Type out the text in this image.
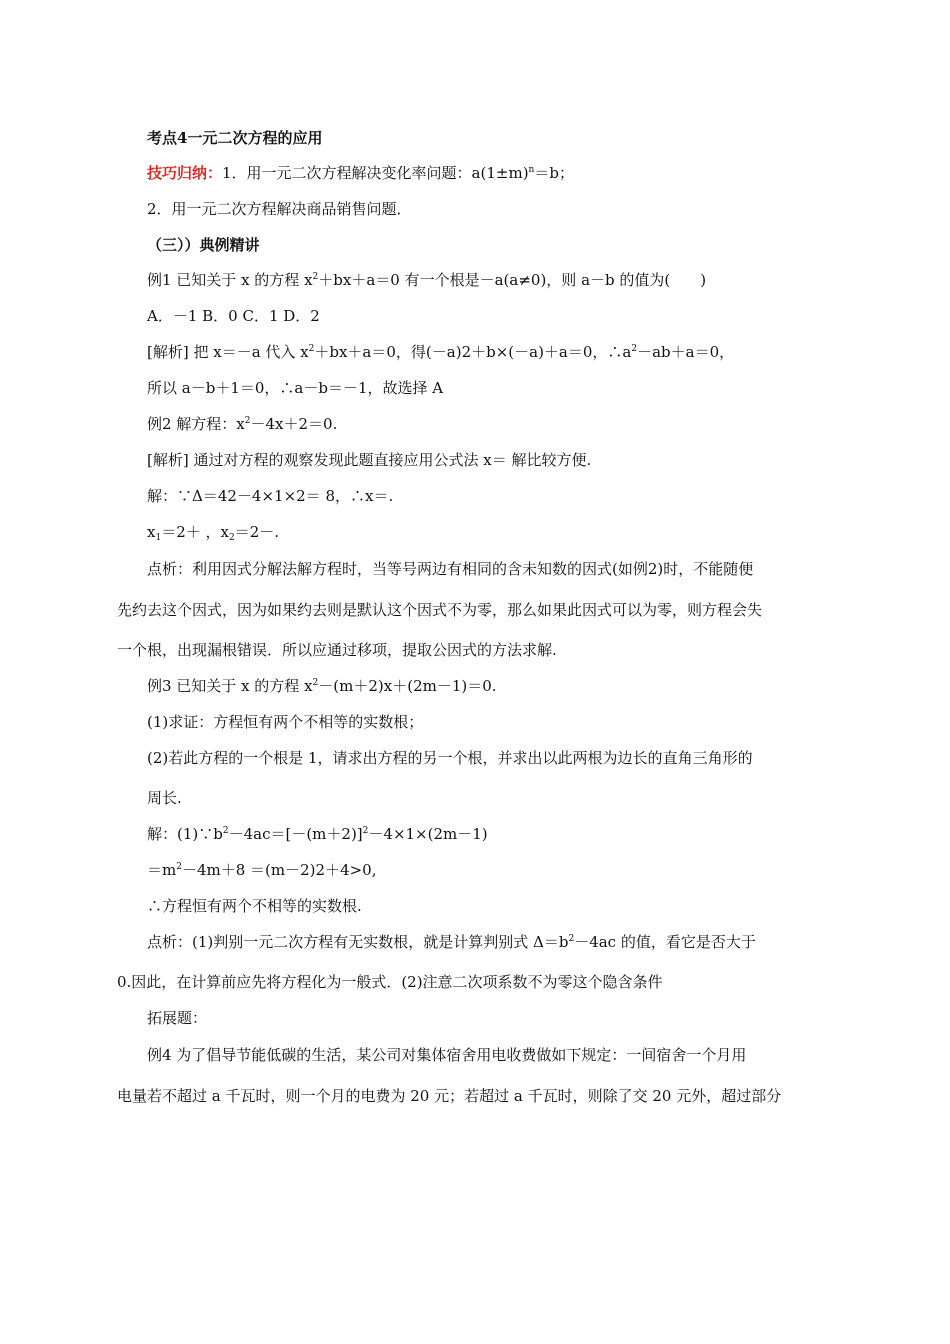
考点4一元二次方程的应用
技巧归纳：1．用一元二次方程解决变化率问题：$a(1\pm m)^n=b$；
2．用一元二次方程解决商品销售问题．
（三））典例精讲
例1 已知关于 x 的方程 $x^2+bx+a=0$ 有一个根是－a(a≠0)，则 a－b 的值为(　　)
A．－1 B．0 C．1 D．2
[解析] 把 x＝－a 代入 $x^2+bx+a=0$，得(－a)2＋b×(－a)＋a＝0，$\therefore a^2-ab+a=0$，
所以 a－b＋1＝0，∴a－b＝－1，故选择 A
例2 解方程：$x^2-4x+2=0$.
[解析] 通过对方程的观察发现此题直接应用公式法 x＝ 解比较方便.
解：∵Δ＝42－4×1×2＝ 8，∴x＝.
$x_1=2+$ ，$x_2=2-$.
点析：利用因式分解法解方程时，当等号两边有相同的含未知数的因式(如例2)时，不能随便
先约去这个因式，因为如果约去则是默认这个因式不为零，那么如果此因式可以为零，则方程会失
一个根，出现漏根错误．所以应通过移项，提取公因式的方法求解.
例3 已知关于 x 的方程 $x^2-(m+2)x+(2m-1)=0$.
(1)求证：方程恒有两个不相等的实数根；
(2)若此方程的一个根是 1，请求出方程的另一个根，并求出以此两根为边长的直角三角形的
周长.
解：$(1)\because b^2-4ac=[-(m+2)]^2-4\times 1\times(2m-1)$
$=m^2-4m+8 =(m-2)2+4>0$,
∴方程恒有两个不相等的实数根.
点析：(1)判别一元二次方程有无实数根，就是计算判别式 $\Delta=b^2-4ac$ 的值，看它是否大于
0.因此，在计算前应先将方程化为一般式．(2)注意二次项系数不为零这个隐含条件
拓展题：
例4 为了倡导节能低碳的生活，某公司对集体宿舍用电收费做如下规定：一间宿舍一个月用
电量若不超过 a 千瓦时，则一个月的电费为 20 元；若超过 a 千瓦时，则除了交 20 元外，超过部分
